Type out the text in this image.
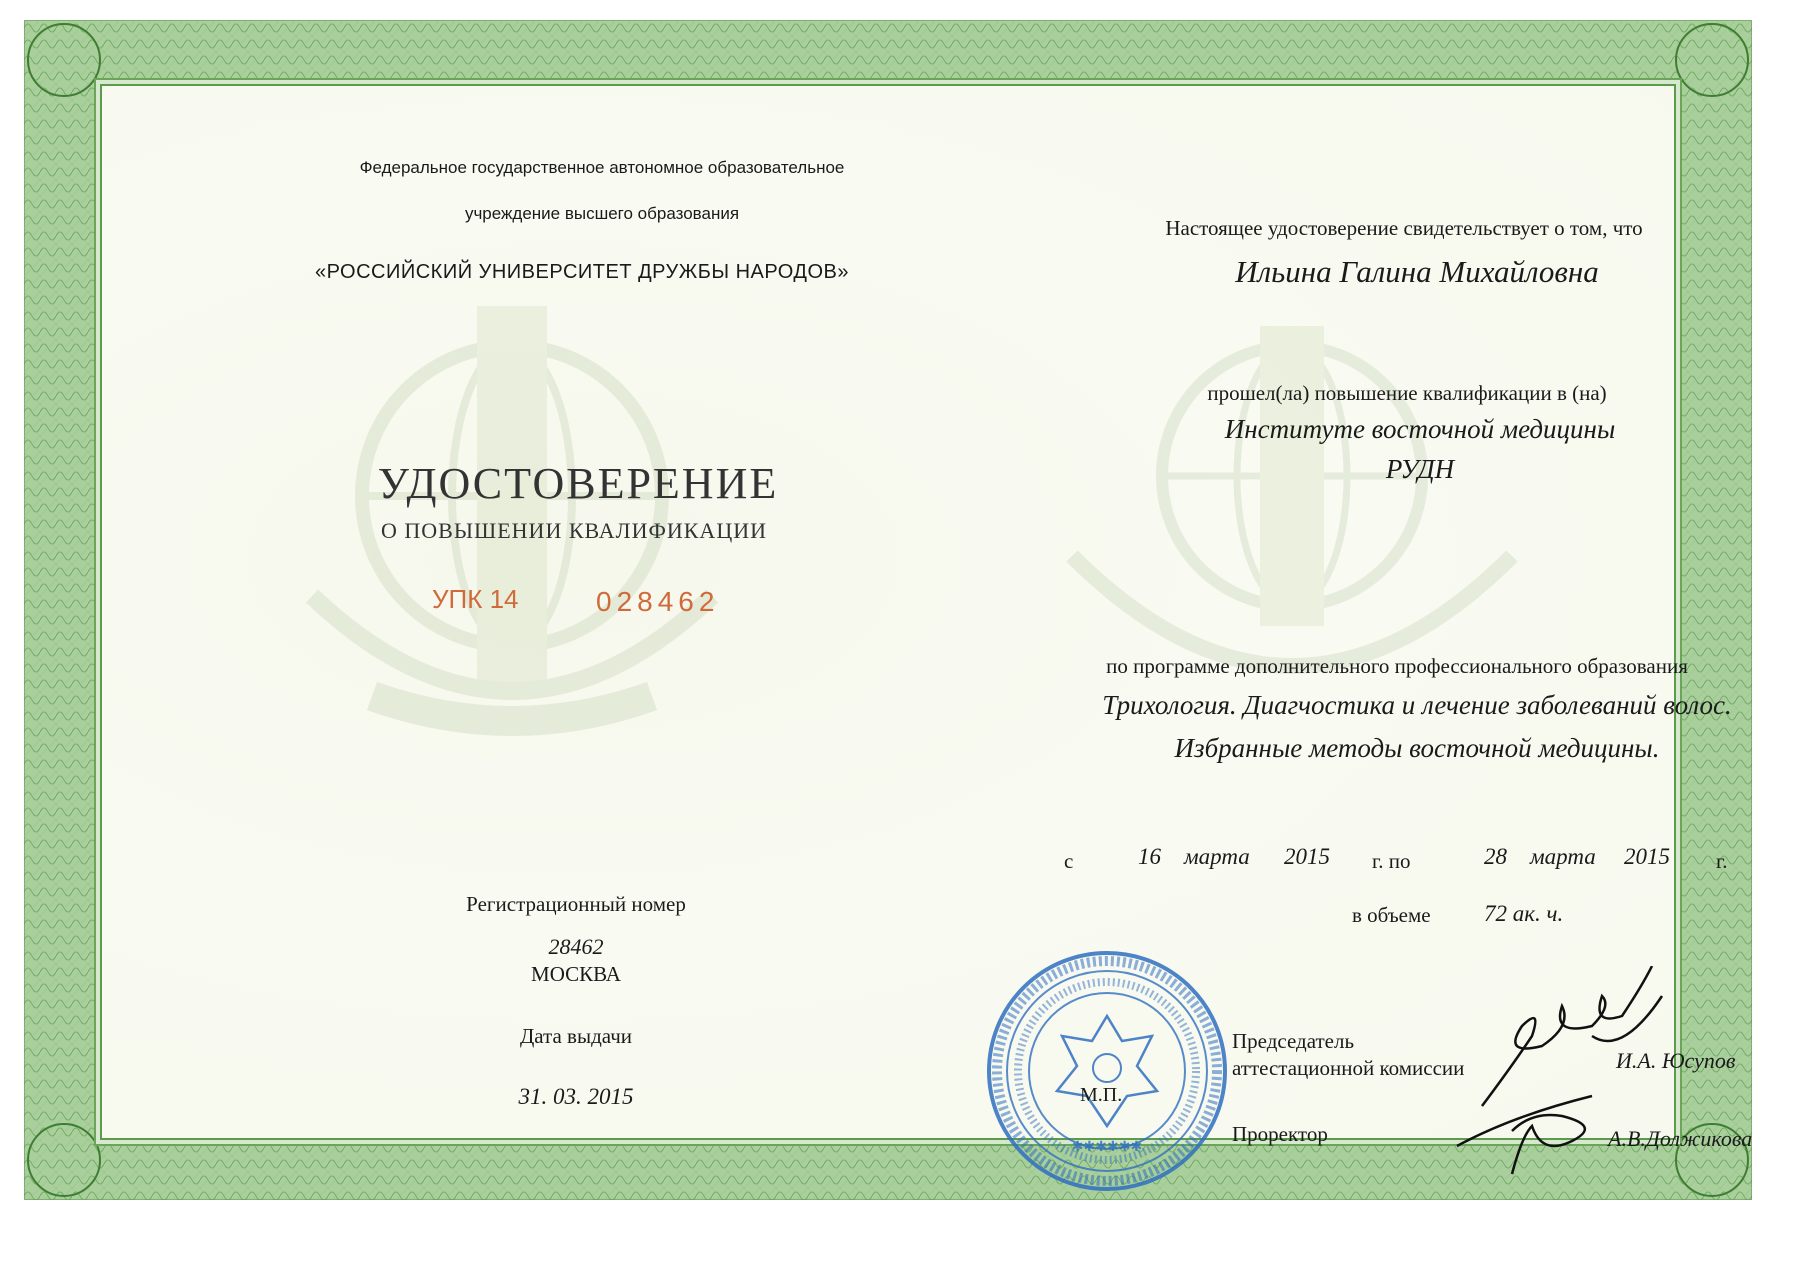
Федеральное государственное автономное образовательное
учреждение высшего образования
«РОССИЙСКИЙ УНИВЕРСИТЕТ ДРУЖБЫ НАРОДОВ»
УДОСТОВЕРЕНИЕ
О ПОВЫШЕНИИ КВАЛИФИКАЦИИ
УПК 14	028462
Регистрационный номер
28462
МОСКВА
Дата выдачи
31. 03. 2015
Настоящее удостоверение свидетельствует о том, что
Ильина Галина Михайловна
прошел(ла) повышение квалификации в (на)
Институте восточной медицины
РУДН
по программе дополнительного профессионального образования
Трихология. Диагчостика и лечение заболеваний волос.
Избранные методы восточной медицины.
с	16 марта 2015 г. по	28 марта 2015 г.
в объеме 72 ак. ч.
✱✱✱✱✱✱
М.П.
Председатель
аттестационной комиссии	И.А. Юсупов
Проректор	А.В.Должикова
